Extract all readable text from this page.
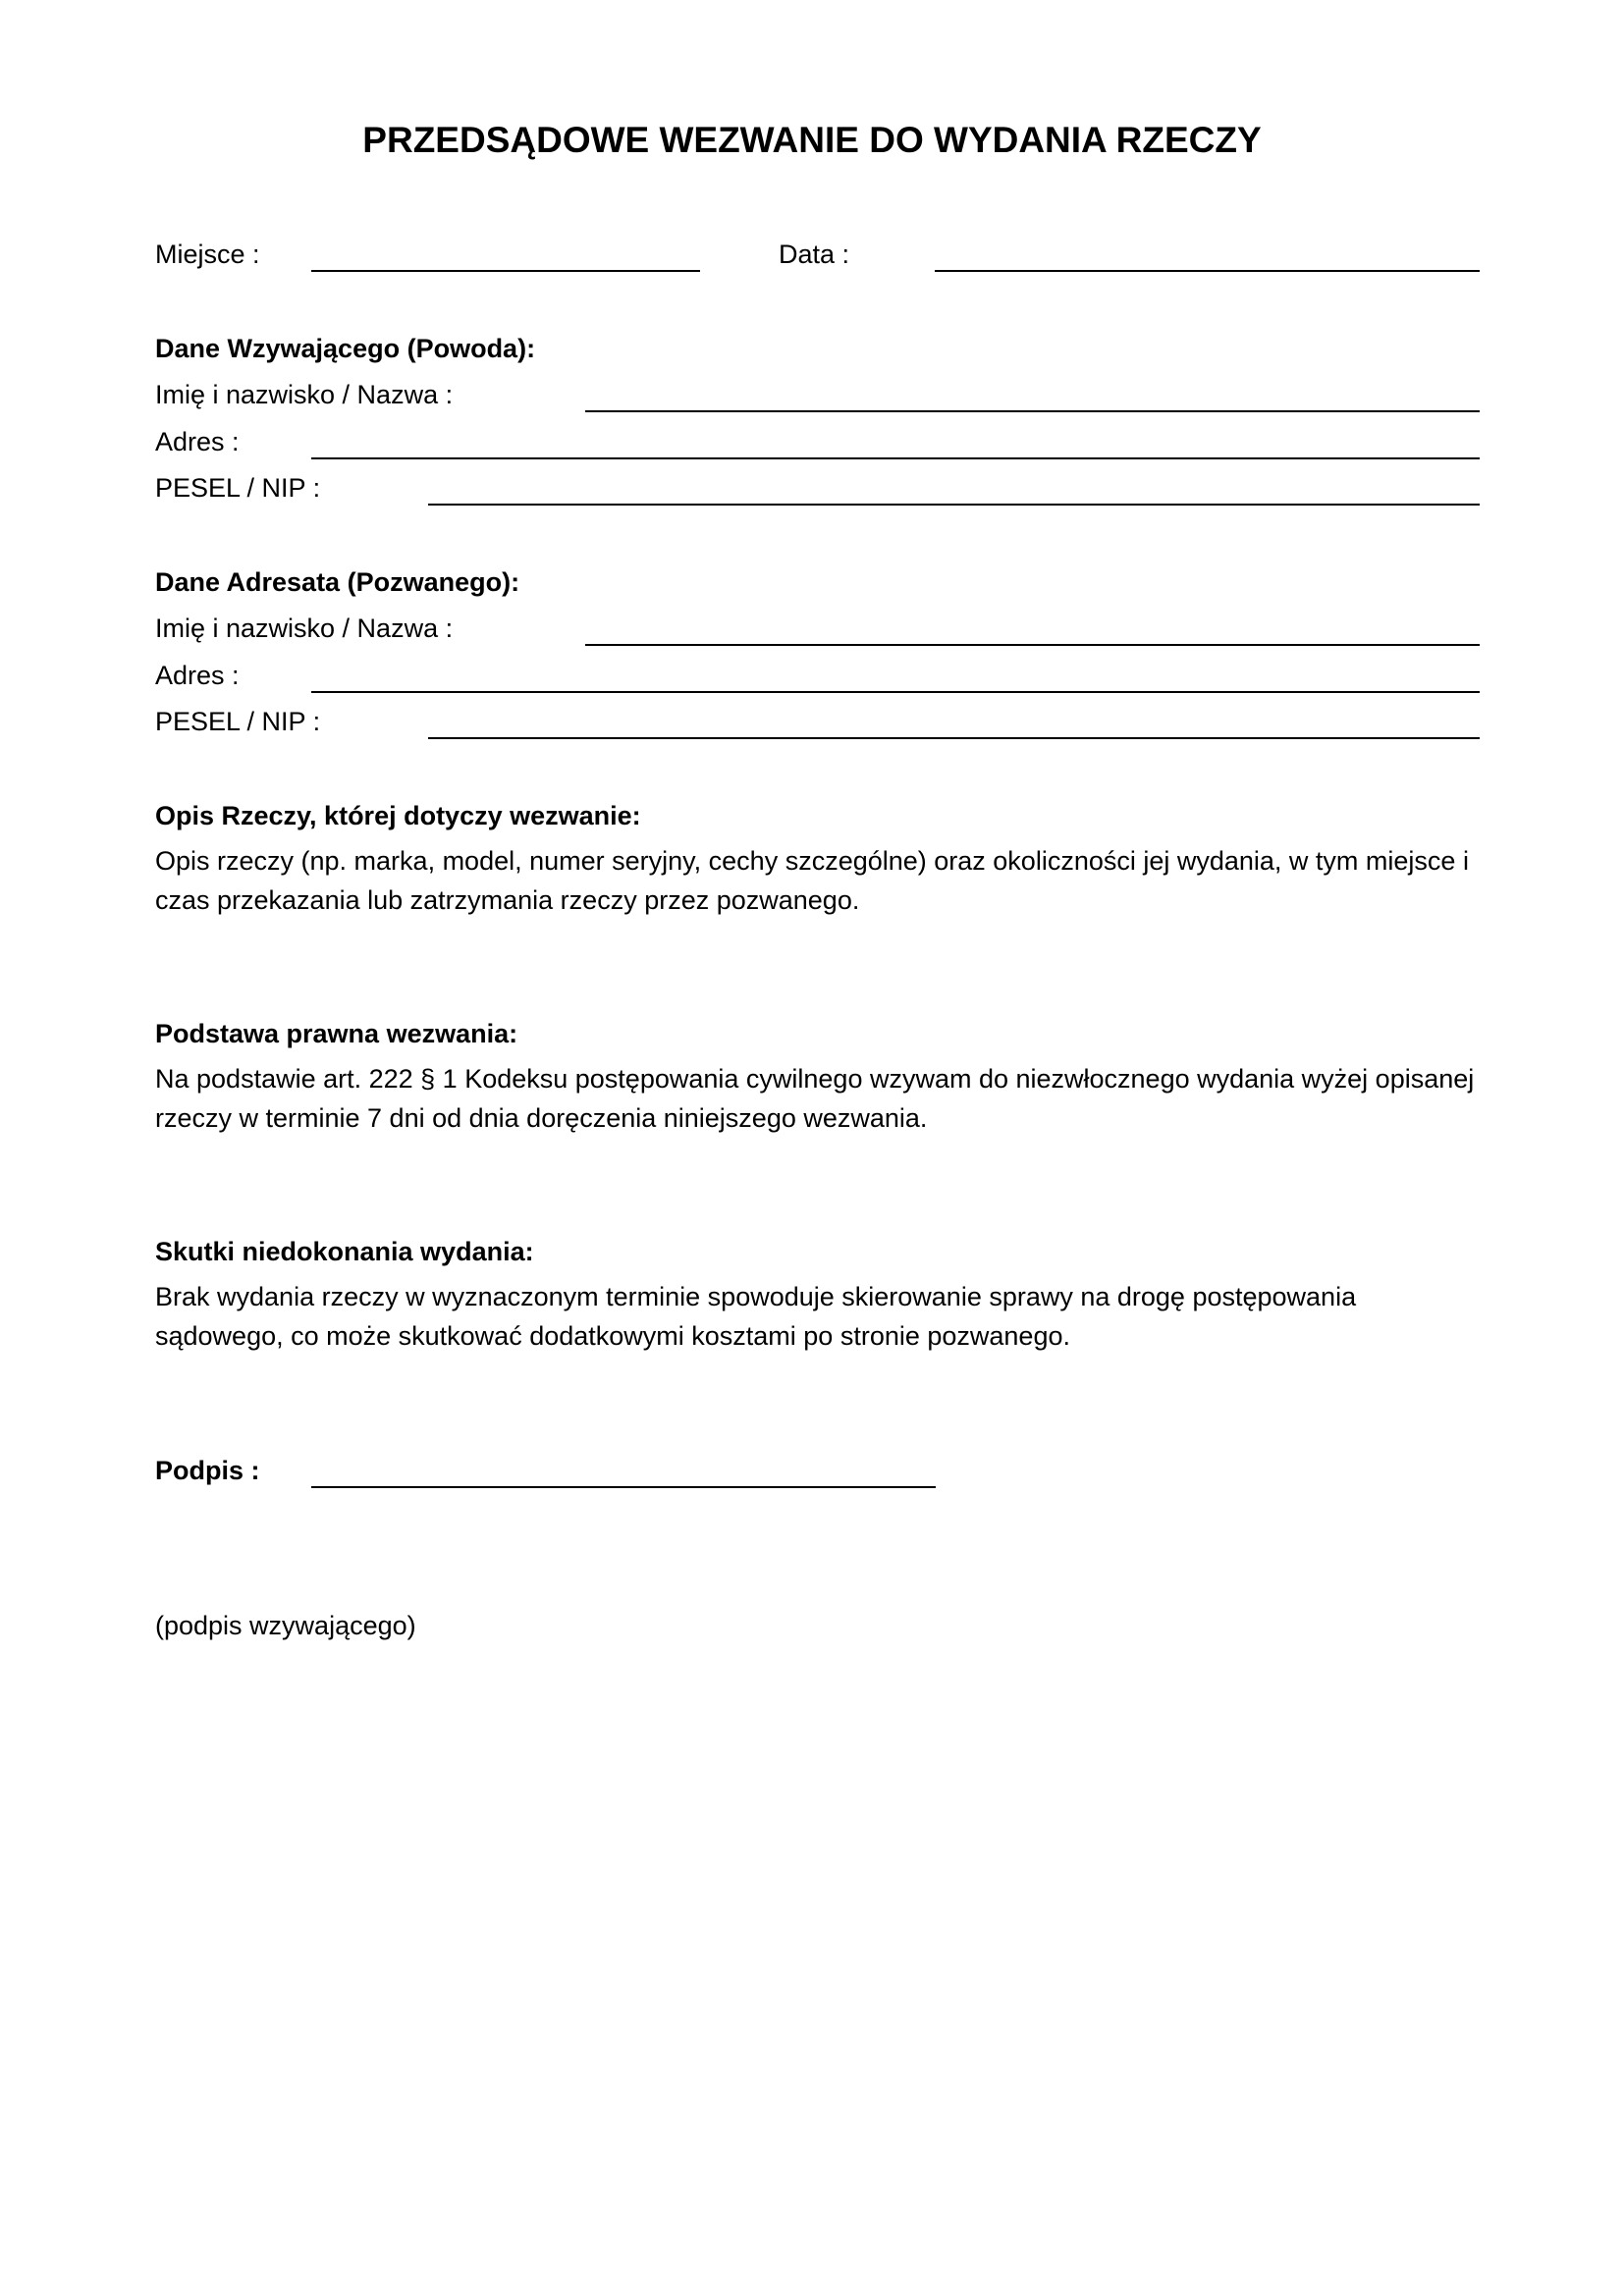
PRZEDSĄDOWE WEZWANIE DO WYDANIA RZECZY
Miejsce :	Data :
Dane Wzywającego (Powoda):
Imię i nazwisko / Nazwa :
Adres :
PESEL / NIP :
Dane Adresata (Pozwanego):
Imię i nazwisko / Nazwa :
Adres :
PESEL / NIP :
Opis Rzeczy, której dotyczy wezwanie:
Opis rzeczy (np. marka, model, numer seryjny, cechy szczególne) oraz okoliczności jej wydania, w tym miejsce i czas przekazania lub zatrzymania rzeczy przez pozwanego.
Podstawa prawna wezwania:
Na podstawie art. 222 § 1 Kodeksu postępowania cywilnego wzywam do niezwłocznego wydania wyżej opisanej rzeczy w terminie 7 dni od dnia doręczenia niniejszego wezwania.
Skutki niedokonania wydania:
Brak wydania rzeczy w wyznaczonym terminie spowoduje skierowanie sprawy na drogę postępowania sądowego, co może skutkować dodatkowymi kosztami po stronie pozwanego.
Podpis :
(podpis wzywającego)
